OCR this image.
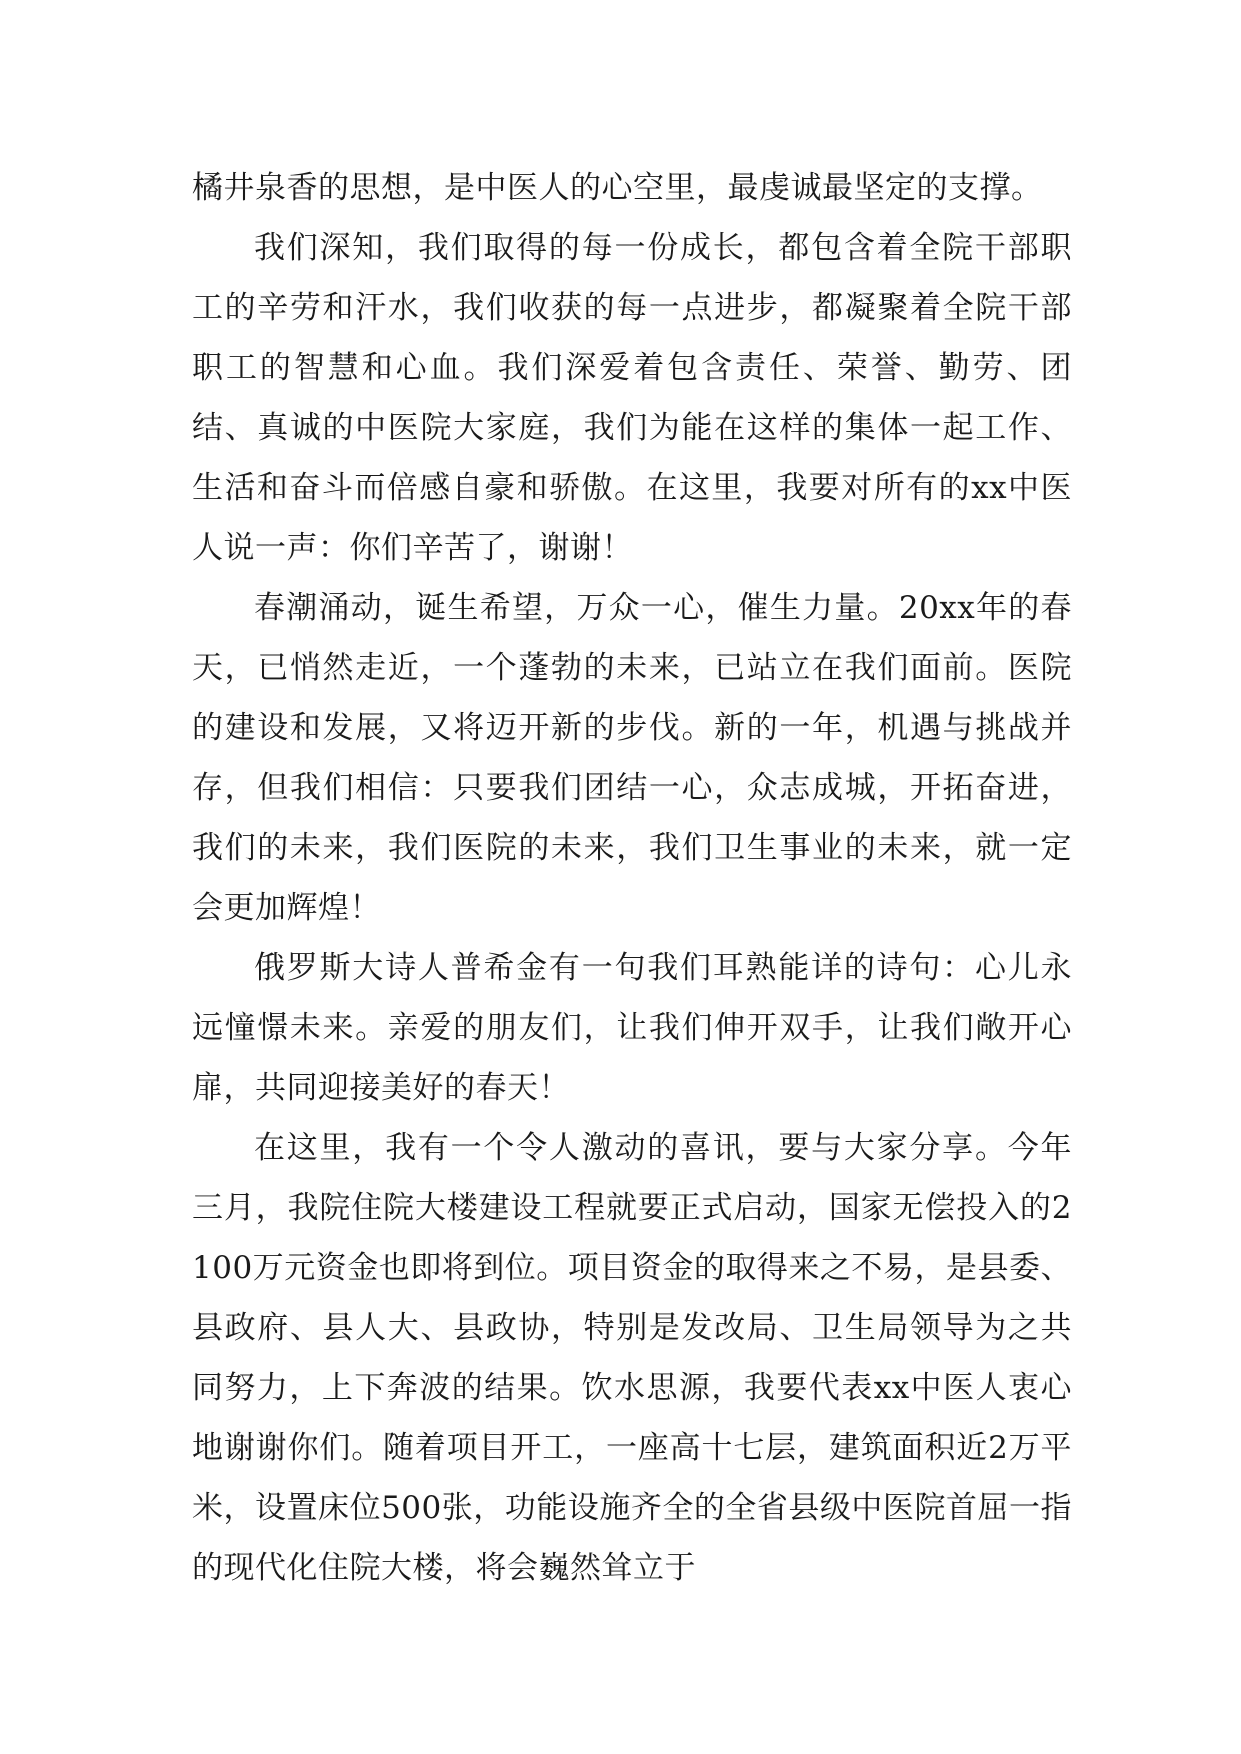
橘井泉香的思想，是中医人的心空里，最虔诚最坚定的支撑。

我们深知，我们取得的每一份成长，都包含着全院干部职工的辛劳和汗水，我们收获的每一点进步，都凝聚着全院干部职工的智慧和心血。我们深爱着包含责任、荣誉、勤劳、团结、真诚的中医院大家庭，我们为能在这样的集体一起工作、生活和奋斗而倍感自豪和骄傲。在这里，我要对所有的xx中医人说一声：你们辛苦了，谢谢！

春潮涌动，诞生希望，万众一心，催生力量。20xx年的春天，已悄然走近，一个蓬勃的未来，已站立在我们面前。医院的建设和发展，又将迈开新的步伐。新的一年，机遇与挑战并存，但我们相信：只要我们团结一心，众志成城，开拓奋进，我们的未来，我们医院的未来，我们卫生事业的未来，就一定会更加辉煌！

俄罗斯大诗人普希金有一句我们耳熟能详的诗句：心儿永远憧憬未来。亲爱的朋友们，让我们伸开双手，让我们敞开心扉，共同迎接美好的春天！

在这里，我有一个令人激动的喜讯，要与大家分享。今年三月，我院住院大楼建设工程就要正式启动，国家无偿投入的2100万元资金也即将到位。项目资金的取得来之不易，是县委、县政府、县人大、县政协，特别是发改局、卫生局领导为之共同努力，上下奔波的结果。饮水思源，我要代表xx中医人衷心地谢谢你们。随着项目开工，一座高十七层，建筑面积近2万平米，设置床位500张，功能设施齐全的全省县级中医院首屈一指的现代化住院大楼，将会巍然耸立于
